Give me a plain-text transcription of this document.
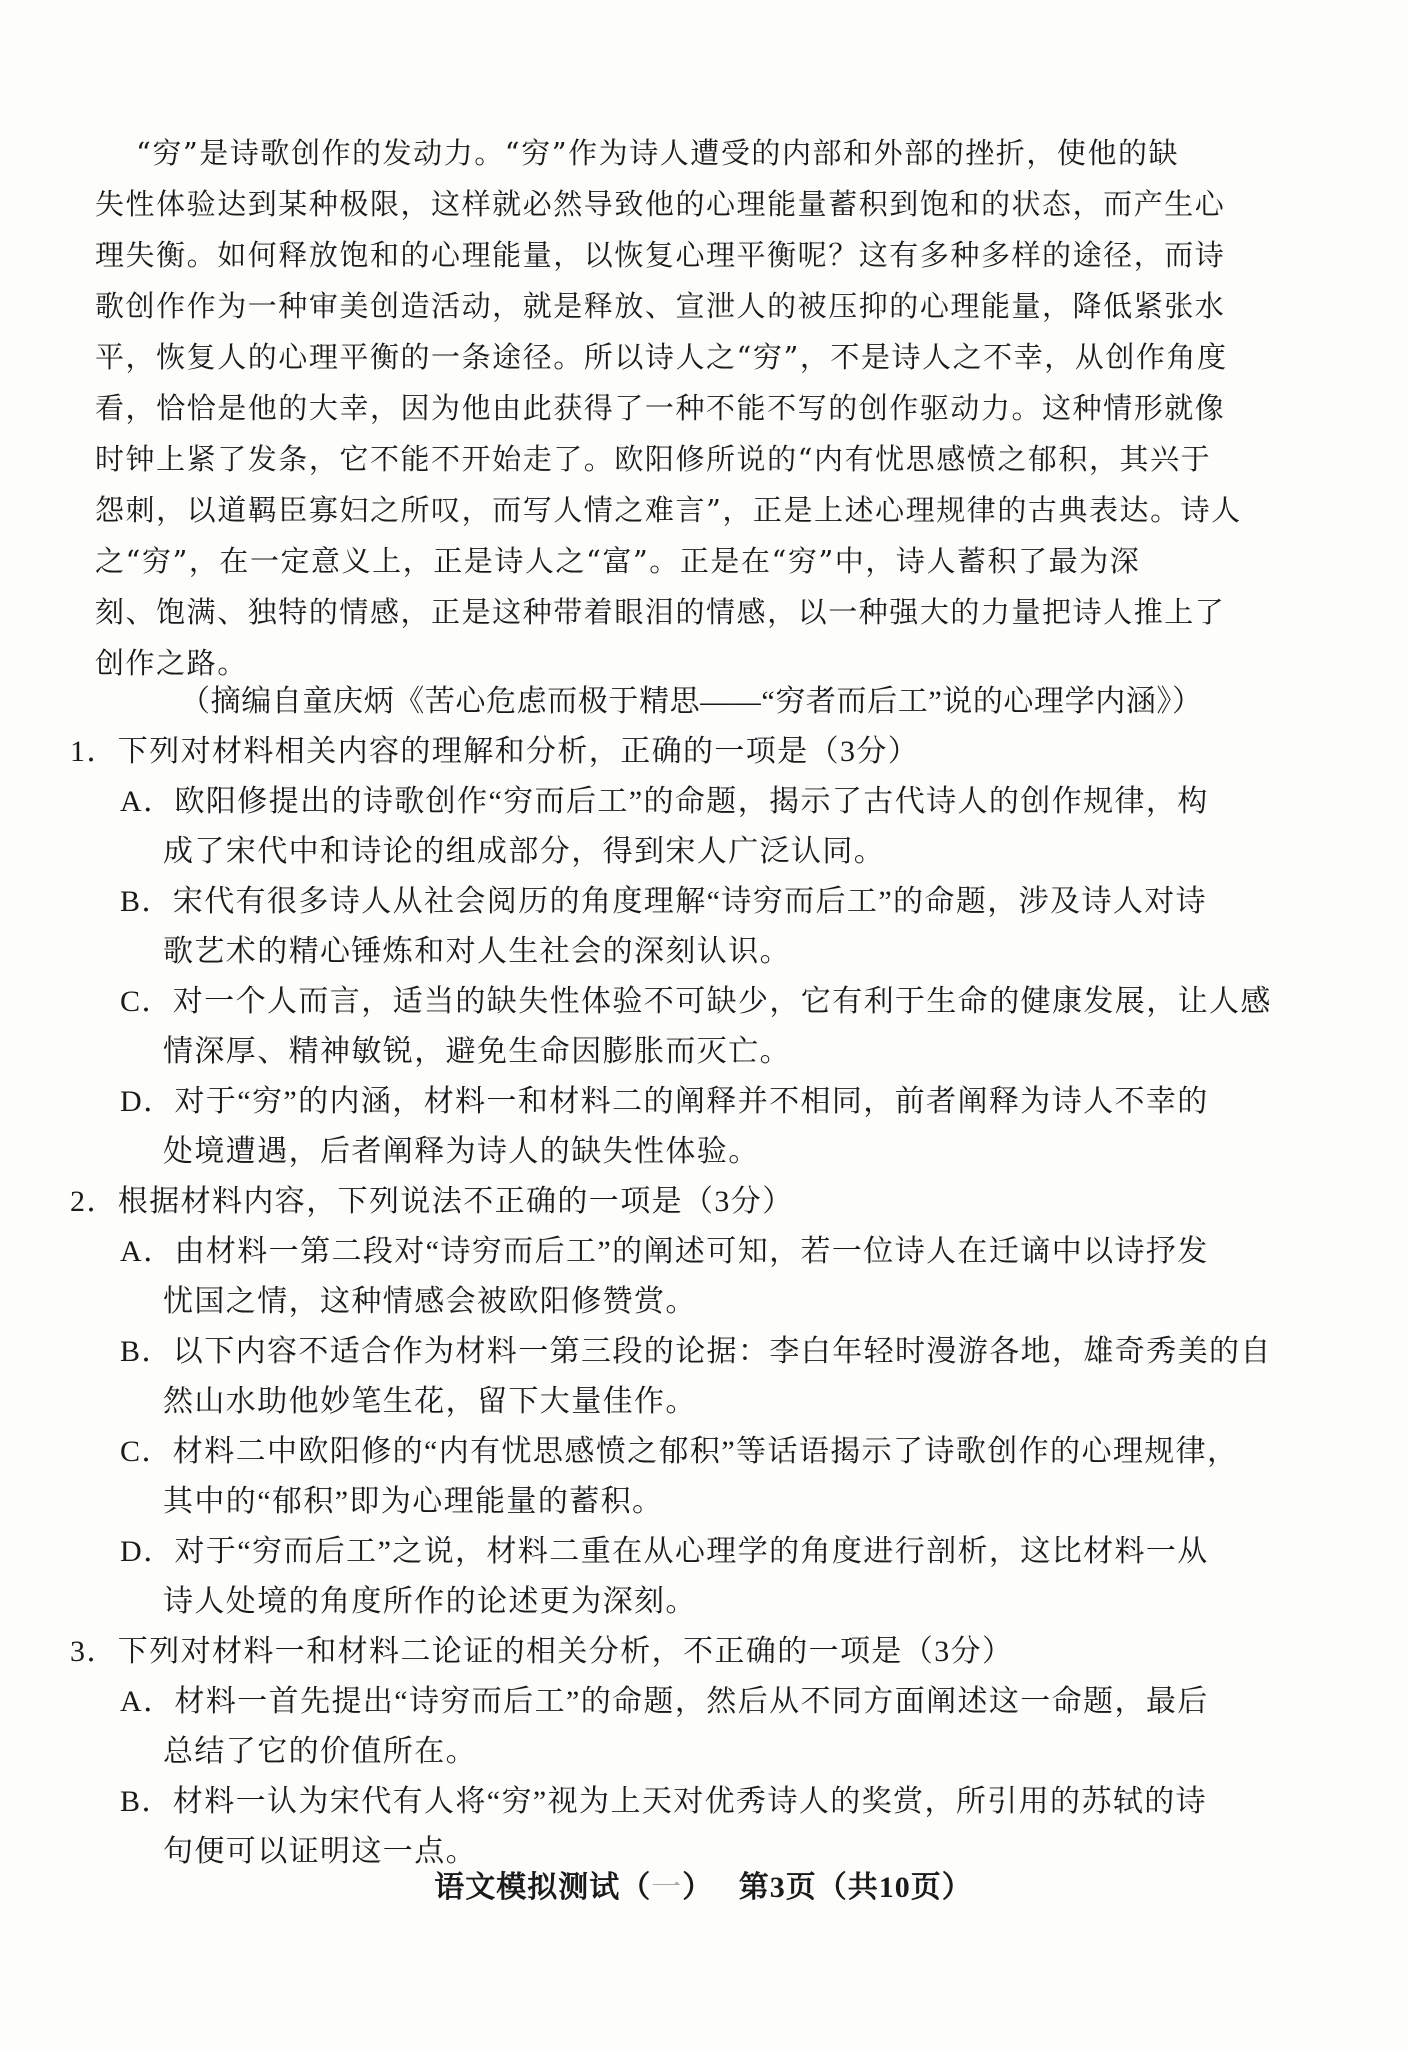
“穷”是诗歌创作的发动力。“穷”作为诗人遭受的内部和外部的挫折，使他的缺
失性体验达到某种极限，这样就必然导致他的心理能量蓄积到饱和的状态，而产生心
理失衡。如何释放饱和的心理能量，以恢复心理平衡呢？这有多种多样的途径，而诗
歌创作作为一种审美创造活动，就是释放、宣泄人的被压抑的心理能量，降低紧张水
平，恢复人的心理平衡的一条途径。所以诗人之“穷”，不是诗人之不幸，从创作角度
看，恰恰是他的大幸，因为他由此获得了一种不能不写的创作驱动力。这种情形就像
时钟上紧了发条，它不能不开始走了。欧阳修所说的“内有忧思感愤之郁积，其兴于
怨刺，以道羁臣寡妇之所叹，而写人情之难言”，正是上述心理规律的古典表达。诗人
之“穷”，在一定意义上，正是诗人之“富”。正是在“穷”中，诗人蓄积了最为深
刻、饱满、独特的情感，正是这种带着眼泪的情感，以一种强大的力量把诗人推上了
创作之路。
（摘编自童庆炳《苦心危虑而极于精思——“穷者而后工”说的心理学内涵》）
1．下列对材料相关内容的理解和分析，正确的一项是（3分）
A．欧阳修提出的诗歌创作“穷而后工”的命题，揭示了古代诗人的创作规律，构
成了宋代中和诗论的组成部分，得到宋人广泛认同。
B．宋代有很多诗人从社会阅历的角度理解“诗穷而后工”的命题，涉及诗人对诗
歌艺术的精心锤炼和对人生社会的深刻认识。
C．对一个人而言，适当的缺失性体验不可缺少，它有利于生命的健康发展，让人感
情深厚、精神敏锐，避免生命因膨胀而灭亡。
D．对于“穷”的内涵，材料一和材料二的阐释并不相同，前者阐释为诗人不幸的
处境遭遇，后者阐释为诗人的缺失性体验。
2．根据材料内容，下列说法不正确的一项是（3分）
A．由材料一第二段对“诗穷而后工”的阐述可知，若一位诗人在迁谪中以诗抒发
忧国之情，这种情感会被欧阳修赞赏。
B．以下内容不适合作为材料一第三段的论据：李白年轻时漫游各地，雄奇秀美的自
然山水助他妙笔生花，留下大量佳作。
C．材料二中欧阳修的“内有忧思感愤之郁积”等话语揭示了诗歌创作的心理规律，
其中的“郁积”即为心理能量的蓄积。
D．对于“穷而后工”之说，材料二重在从心理学的角度进行剖析，这比材料一从
诗人处境的角度所作的论述更为深刻。
3．下列对材料一和材料二论证的相关分析，不正确的一项是（3分）
A．材料一首先提出“诗穷而后工”的命题，然后从不同方面阐述这一命题，最后
总结了它的价值所在。
B．材料一认为宋代有人将“穷”视为上天对优秀诗人的奖赏，所引用的苏轼的诗
句便可以证明这一点。
语文模拟测试（一） 第3页（共10页）
